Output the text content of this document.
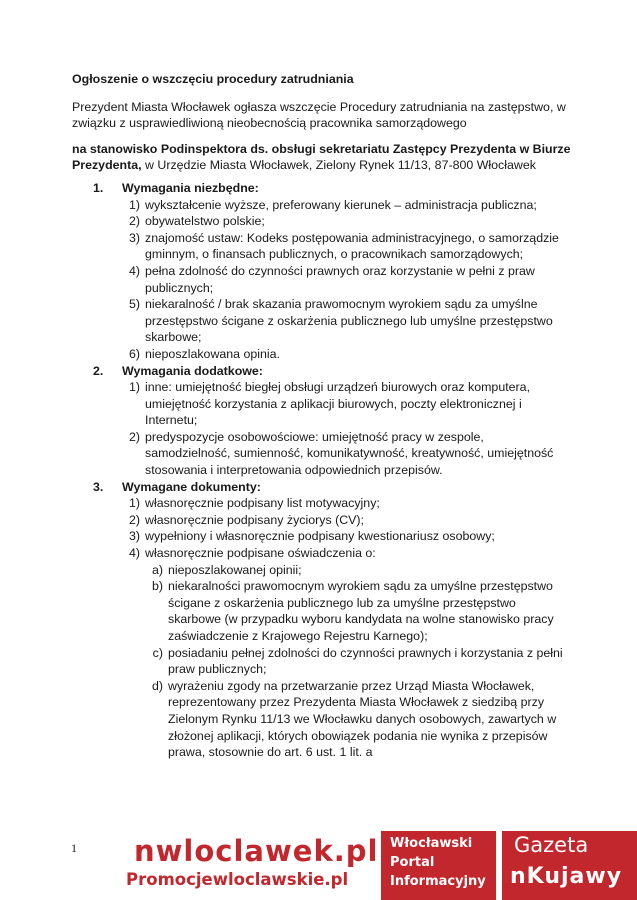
Ogłoszenie o wszczęciu procedury zatrudniania
Prezydent Miasta Włocławek ogłasza wszczęcie Procedury zatrudniania na zastępstwo, w związku z usprawiedliwioną nieobecnością pracownika samorządowego
na stanowisko Podinspektora ds. obsługi sekretariatu Zastępcy Prezydenta w Biurze Prezydenta, w Urzędzie Miasta Włocławek, Zielony Rynek 11/13, 87-800 Włocławek
1. Wymagania niezbędne:
1) wykształcenie wyższe, preferowany kierunek – administracja publiczna;
2) obywatelstwo polskie;
3) znajomość ustaw: Kodeks postępowania administracyjnego, o samorządzie gminnym, o finansach publicznych, o pracownikach samorządowych;
4) pełna zdolność do czynności prawnych oraz korzystanie w pełni z praw publicznych;
5) niekaralność / brak skazania prawomocnym wyrokiem sądu za umyślne przestępstwo ścigane z oskarżenia publicznego lub umyślne przestępstwo skarbowe;
6) nieposzlakowana opinia.
2. Wymagania dodatkowe:
1) inne: umiejętność biegłej obsługi urządzeń biurowych oraz komputera, umiejętność korzystania z aplikacji biurowych, poczty elektronicznej i Internetu;
2) predyspozycje osobowościowe: umiejętność pracy w zespole, samodzielność, sumienność, komunikatywność, kreatywność, umiejętność stosowania i interpretowania odpowiednich przepisów.
3. Wymagane dokumenty:
1) własnoręcznie podpisany list motywacyjny;
2) własnoręcznie podpisany życiorys (CV);
3) wypełniony i własnoręcznie podpisany kwestionariusz osobowy;
4) własnoręcznie podpisane oświadczenia o:
a) nieposzlakowanej opinii;
b) niekaralności prawomocnym wyrokiem sądu za umyślne przestępstwo ścigane z oskarżenia publicznego lub za umyślne przestępstwo skarbowe (w przypadku wyboru kandydata na wolne stanowisko pracy zaświadczenie z Krajowego Rejestru Karnego);
c) posiadaniu pełnej zdolności do czynności prawnych i korzystania z pełni praw publicznych;
d) wyrażeniu zgody na przetwarzanie przez Urząd Miasta Włocławek, reprezentowany przez Prezydenta Miasta Włocławek z siedzibą przy Zielonym Rynku 11/13 we Włocławku danych osobowych, zawartych w złożonej aplikacji, których obowiązek podania nie wynika z przepisów prawa, stosownie do art. 6 ust. 1 lit. a
1 nwloclawek.pl
Promocjewloclawskie.pl
Włocławski
Portal
Informacyjny
Gazeta
nKujawy
